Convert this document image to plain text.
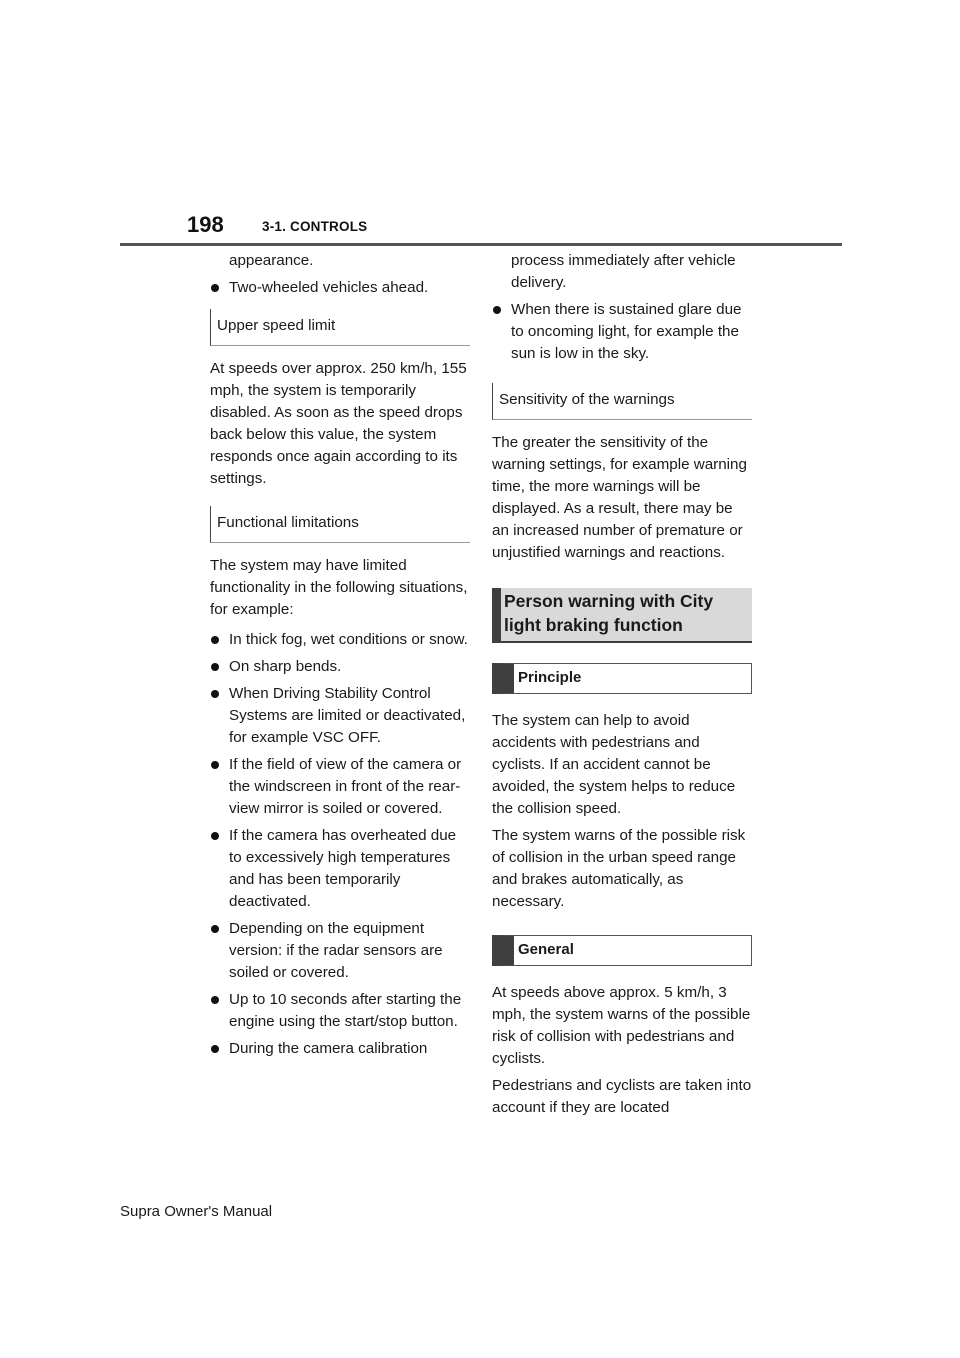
198	3-1. CONTROLS
appearance.
Two-wheeled vehicles ahead.
Upper speed limit

At speeds over approx. 250 km/h, 155 mph, the system is temporarily disabled. As soon as the speed drops back below this value, the system responds once again according to its settings.

Functional limitations

The system may have limited functionality in the following situations, for example:

In thick fog, wet conditions or snow.
On sharp bends.
When Driving Stability Control Systems are limited or deactivated, for example VSC OFF.
If the field of view of the camera or the windscreen in front of the rear-view mirror is soiled or covered.
If the camera has overheated due to excessively high temperatures and has been temporarily deactivated.
Depending on the equipment version: if the radar sensors are soiled or covered.
Up to 10 seconds after starting the engine using the start/stop button.
During the camera calibration
process immediately after vehicle delivery.
When there is sustained glare due to oncoming light, for example the sun is low in the sky.
Sensitivity of the warnings

The greater the sensitivity of the warning settings, for example warning time, the more warnings will be displayed. As a result, there may be an increased number of premature or unjustified warnings and reactions.

Person warning with City light braking function
Principle

The system can help to avoid accidents with pedestrians and cyclists. If an accident cannot be avoided, the system helps to reduce the collision speed.

The system warns of the possible risk of collision in the urban speed range and brakes automatically, as necessary.

General

At speeds above approx. 5 km/h, 3 mph, the system warns of the possible risk of collision with pedestrians and cyclists.

Pedestrians and cyclists are taken into account if they are located

Supra Owner's Manual
